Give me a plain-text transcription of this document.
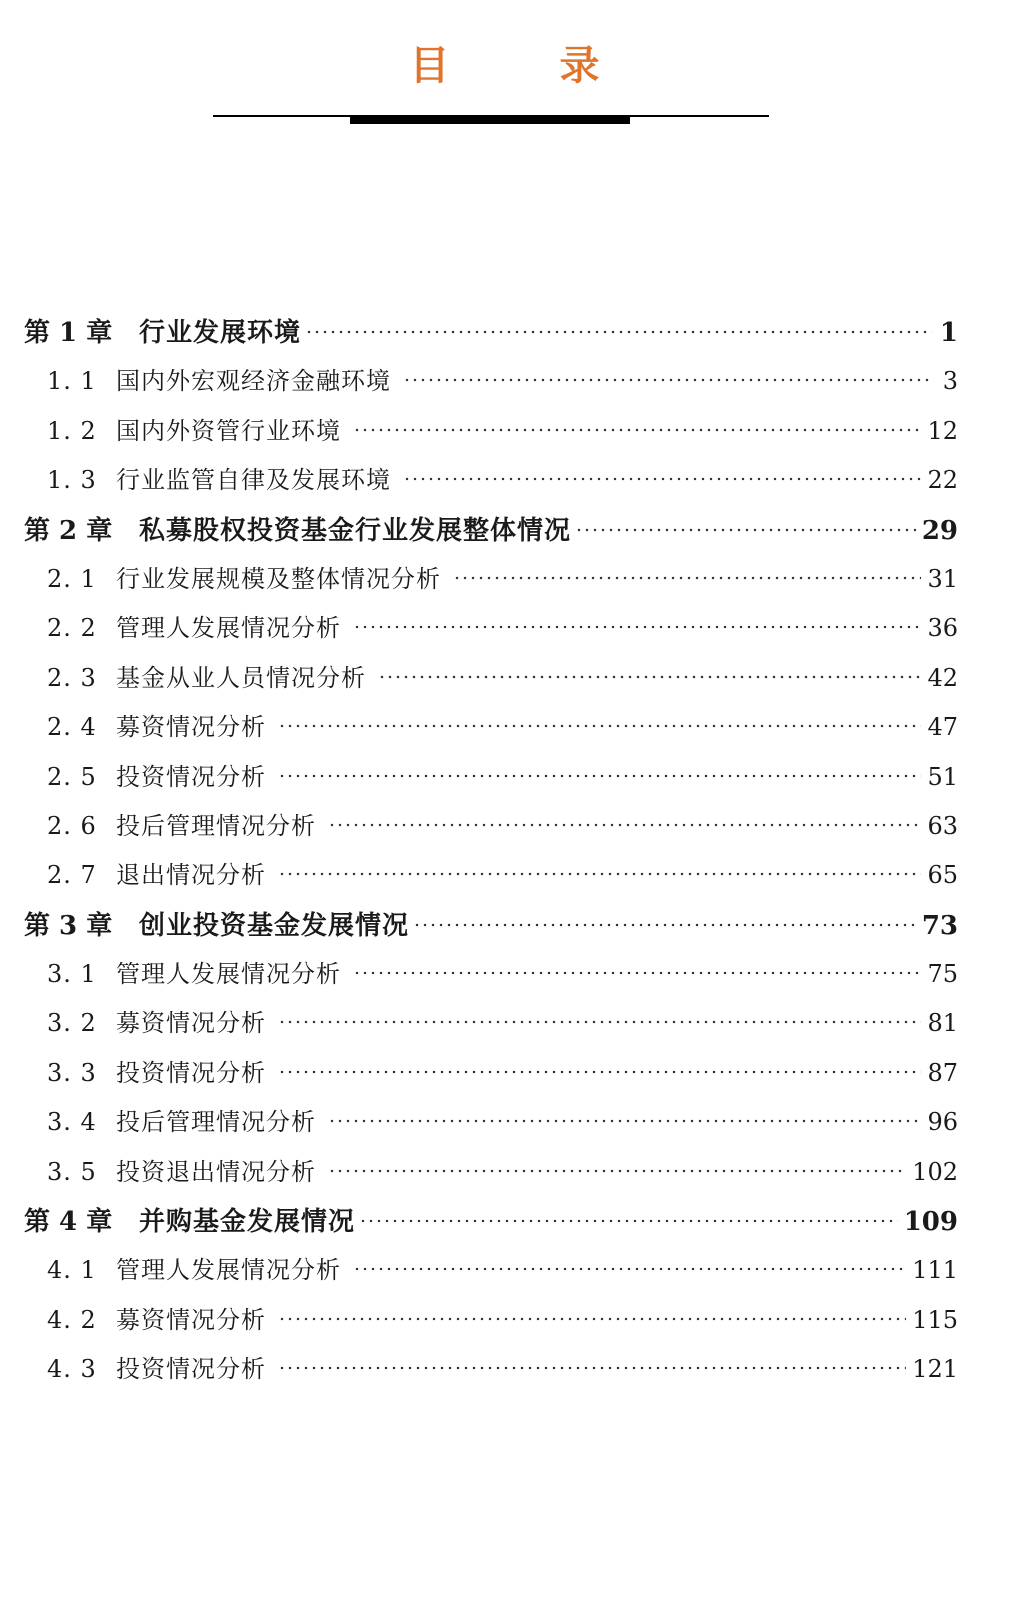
目 录
第 1 章	行业发展环境	1
1. 1 国内外宏观经济金融环境	3
1. 2 国内外资管行业环境	12
1. 3 行业监管自律及发展环境	22
第 2 章	私募股权投资基金行业发展整体情况	29
2. 1 行业发展规模及整体情况分析	31
2. 2 管理人发展情况分析	36
2. 3 基金从业人员情况分析	42
2. 4 募资情况分析	47
2. 5 投资情况分析	51
2. 6 投后管理情况分析	63
2. 7 退出情况分析	65
第 3 章	创业投资基金发展情况	73
3. 1 管理人发展情况分析	75
3. 2 募资情况分析	81
3. 3 投资情况分析	87
3. 4 投后管理情况分析	96
3. 5 投资退出情况分析	102
第 4 章	并购基金发展情况	109
4. 1 管理人发展情况分析	111
4. 2 募资情况分析	115
4. 3 投资情况分析	121
